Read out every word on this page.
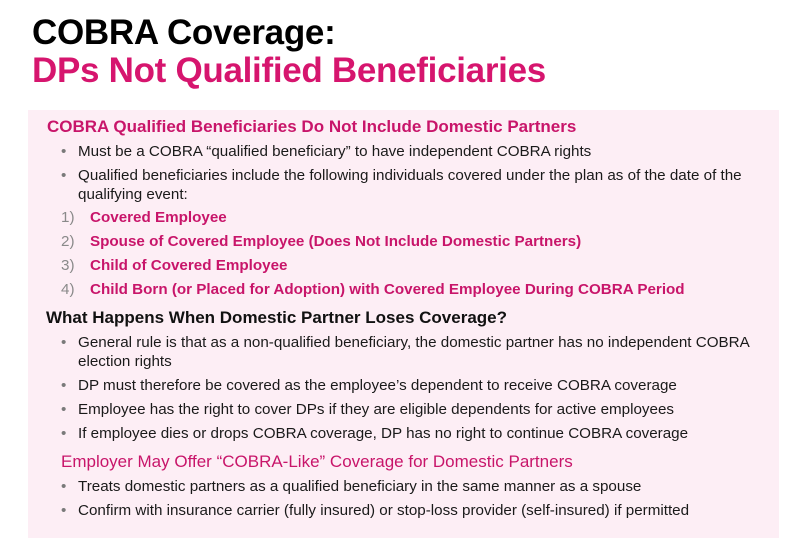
COBRA Coverage:
DPs Not Qualified Beneficiaries
COBRA Qualified Beneficiaries Do Not Include Domestic Partners
• Must be a COBRA “qualified beneficiary” to have independent COBRA rights
• Qualified beneficiaries include the following individuals covered under the plan as of the date of the qualifying event:
1) Covered Employee
2) Spouse of Covered Employee (Does Not Include Domestic Partners)
3) Child of Covered Employee
4) Child Born (or Placed for Adoption) with Covered Employee During COBRA Period
What Happens When Domestic Partner Loses Coverage?
• General rule is that as a non-qualified beneficiary, the domestic partner has no independent COBRA election rights
• DP must therefore be covered as the employee’s dependent to receive COBRA coverage
• Employee has the right to cover DPs if they are eligible dependents for active employees
• If employee dies or drops COBRA coverage, DP has no right to continue COBRA coverage
Employer May Offer “COBRA-Like” Coverage for Domestic Partners
• Treats domestic partners as a qualified beneficiary in the same manner as a spouse
• Confirm with insurance carrier (fully insured) or stop-loss provider (self-insured) if permitted
